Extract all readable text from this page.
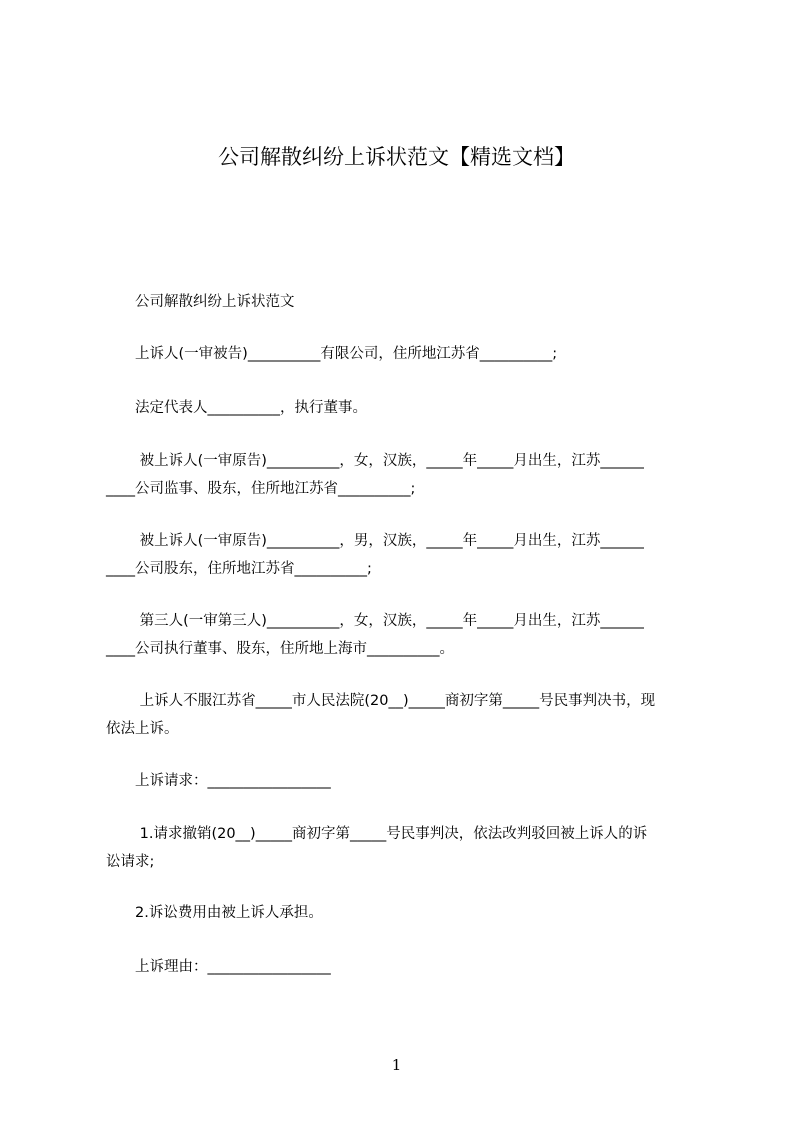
公司解散纠纷上诉状范文【精选文档】
　　公司解散纠纷上诉状范文
　　上诉人(一审被告)__________有限公司，住所地江苏省__________;
　　法定代表人__________，执行董事。
　　 被上诉人(一审原告)__________，女，汉族，_____年_____月出生，江苏______
____公司监事、股东，住所地江苏省__________;
　　 被上诉人(一审原告)__________，男，汉族，_____年_____月出生，江苏______
____公司股东，住所地江苏省__________;
　　 第三人(一审第三人)__________，女，汉族，_____年_____月出生，江苏______
____公司执行董事、股东，住所地上海市__________。
　　 上诉人不服江苏省_____市人民法院(20__)_____商初字第_____号民事判决书，现
依法上诉。
　　上诉请求：_________________
　　 1.请求撤销(20__)_____商初字第_____号民事判决，依法改判驳回被上诉人的诉
讼请求;
　　2.诉讼费用由被上诉人承担。
　　上诉理由：_________________
1
